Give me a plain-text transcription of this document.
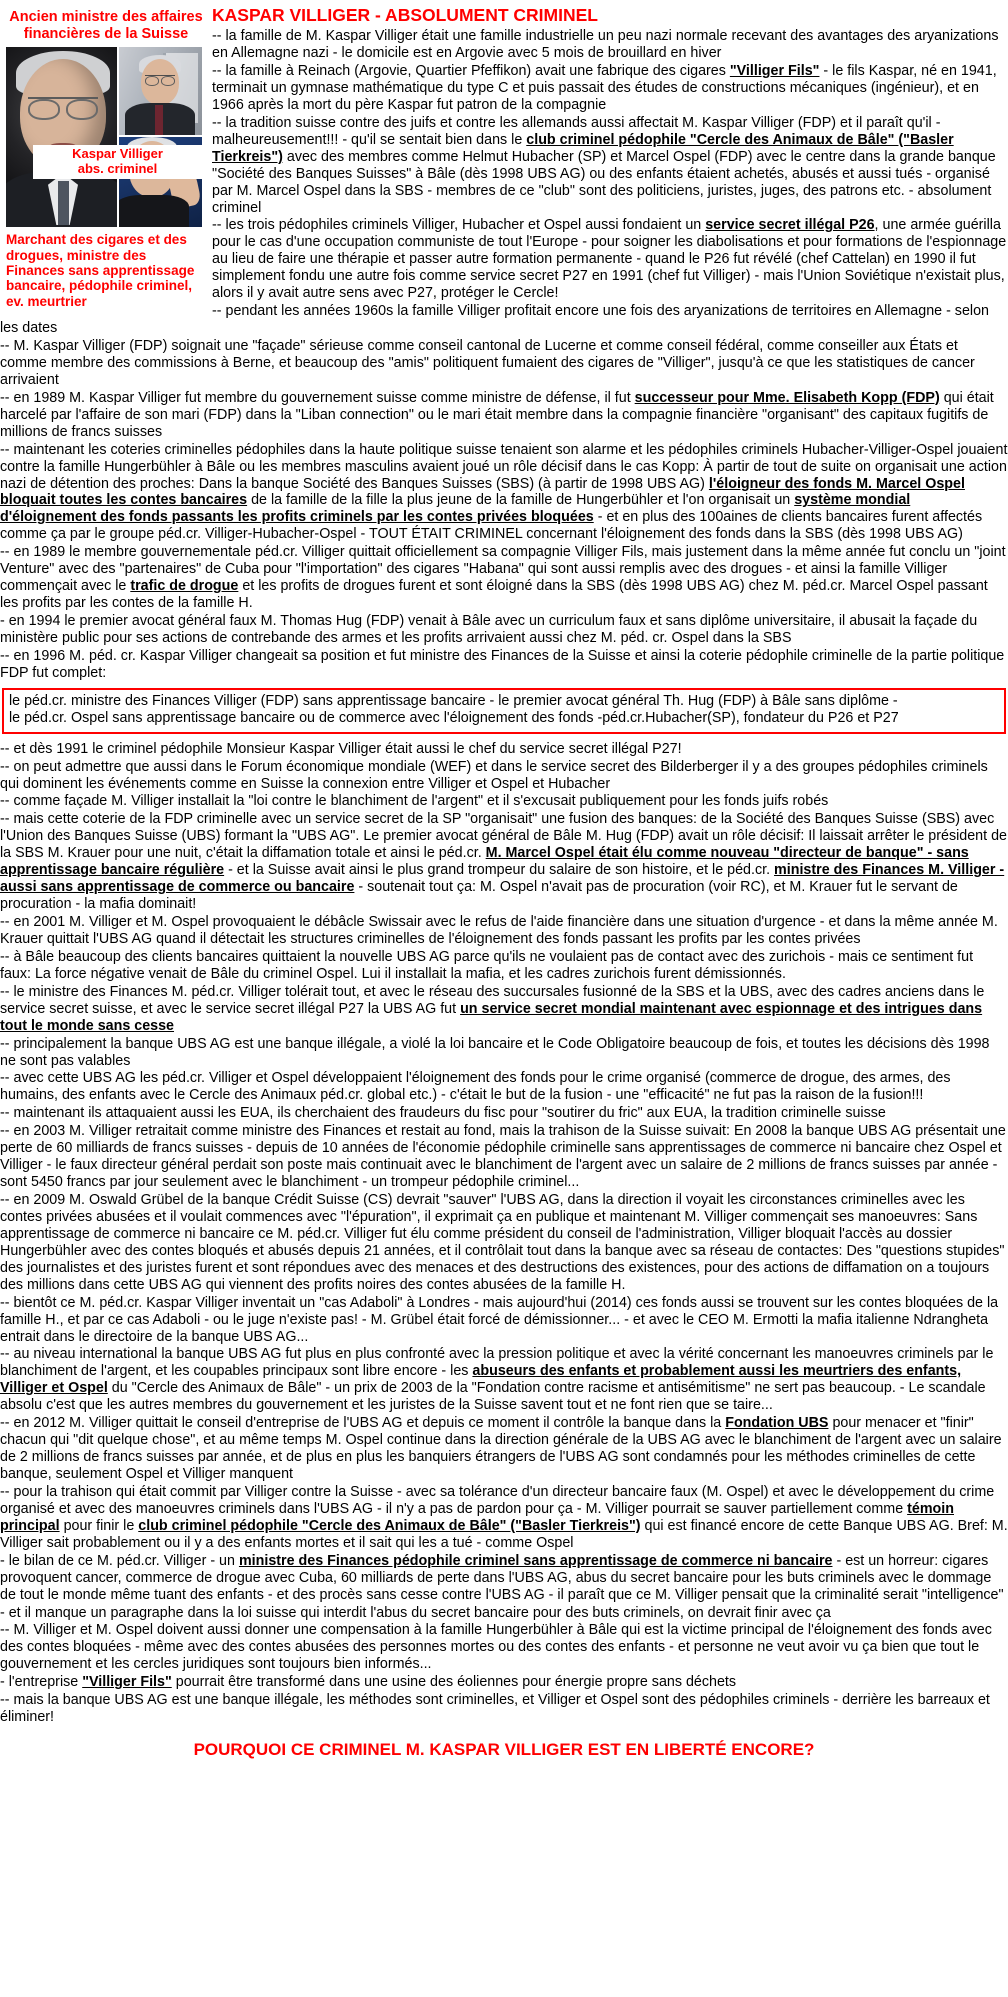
Ancien ministre des affaires financières de la Suisse
Kaspar Villiger
abs. criminel
Marchant des cigares et des drogues, ministre des Finances sans apprentissage bancaire, pédophile criminel, ev. meurtrier
KASPAR VILLIGER - ABSOLUMENT CRIMINEL

-- la famille de M. Kaspar Villiger était une famille industrielle un peu nazi normale recevant des avantages des aryanizations en Allemagne nazi - le domicile est en Argovie avec 5 mois de brouillard en hiver

-- la famille à Reinach (Argovie, Quartier Pfeffikon) avait une fabrique des cigares "Villiger Fils" - le fils Kaspar, né en 1941, terminait un gymnase mathématique du type C et puis passait des études de constructions mécaniques (ingénieur), et en 1966 après la mort du père Kaspar fut patron de la compagnie

-- la tradition suisse contre des juifs et contre les allemands aussi affectait M. Kaspar Villiger (FDP) et il paraît qu'il - malheureusement!!! - qu'il se sentait bien dans le club criminel pédophile "Cercle des Animaux de Bâle" ("Basler Tierkreis") avec des membres comme Helmut Hubacher (SP) et Marcel Ospel (FDP) avec le centre dans la grande banque "Société des Banques Suisses" à Bâle (dès 1998 UBS AG) ou des enfants étaient achetés, abusés et aussi tués - organisé par M. Marcel Ospel dans la SBS - membres de ce "club" sont des politiciens, juristes, juges, des patrons etc. - absolument criminel

-- les trois pédophiles criminels Villiger, Hubacher et Ospel aussi fondaient un service secret illégal P26, une armée guérilla pour le cas d'une occupation communiste de tout l'Europe - pour soigner les diabolisations et pour formations de l'espionnage au lieu de faire une thérapie et passer autre formation permanente - quand le P26 fut révélé (chef Cattelan) en 1990 il fut simplement fondu une autre fois comme service secret P27 en 1991 (chef fut Villiger) - mais l'Union Soviétique n'existait plus, alors il y avait autre sens avec P27, protéger le Cercle!

-- pendant les années 1960s la famille Villiger profitait encore une fois des aryanizations de territoires en Allemagne - selon les dates

-- M. Kaspar Villiger (FDP) soignait une "façade" sérieuse comme conseil cantonal de Lucerne et comme conseil fédéral, comme conseiller aux États et comme membre des commissions à Berne, et beaucoup des "amis" politiquent fumaient des cigares de "Villiger", jusqu'à ce que les statistiques de cancer arrivaient

-- en 1989 M. Kaspar Villiger fut membre du gouvernement suisse comme ministre de défense, il fut successeur pour Mme. Elisabeth Kopp (FDP) qui était harcelé par l'affaire de son mari (FDP) dans la "Liban connection" ou le mari était membre dans la compagnie financière "organisant" des capitaux fugitifs de millions de francs suisses

-- maintenant les coteries criminelles pédophiles dans la haute politique suisse tenaient son alarme et les pédophiles criminels Hubacher-Villiger-Ospel jouaient contre la famille Hungerbühler à Bâle ou les membres masculins avaient joué un rôle décisif dans le cas Kopp: À partir de tout de suite on organisait une action nazi de détention des proches: Dans la banque Société des Banques Suisses (SBS) (à partir de 1998 UBS AG) l'éloigneur des fonds M. Marcel Ospel bloquait toutes les contes bancaires de la famille de la fille la plus jeune de la famille de Hungerbühler et l'on organisait un système mondial d'éloignement des fonds passants les profits criminels par les contes privées bloquées - et en plus des 100aines de clients bancaires furent affectés comme ça par le groupe péd.cr. Villiger-Hubacher-Ospel - TOUT ÉTAIT CRIMINEL concernant l'éloignement des fonds dans la SBS (dès 1998 UBS AG)

-- en 1989 le membre gouvernementale péd.cr. Villiger quittait officiellement sa compagnie Villiger Fils, mais justement dans la même année fut conclu un "joint Venture" avec des "partenaires" de Cuba pour "l'importation" des cigares "Habana" qui sont aussi remplis avec des drogues - et ainsi la famille Villiger commençait avec le trafic de drogue et les profits de drogues furent et sont éloigné dans la SBS (dès 1998 UBS AG) chez M. péd.cr. Marcel Ospel passant les profits par les contes de la famille H.

- en 1994 le premier avocat général faux M. Thomas Hug (FDP) venait à Bâle avec un curriculum faux et sans diplôme universitaire, il abusait la façade du ministère public pour ses actions de contrebande des armes et les profits arrivaient aussi chez M. péd. cr. Ospel dans la SBS

-- en 1996 M. péd. cr. Kaspar Villiger changeait sa position et fut ministre des Finances de la Suisse et ainsi la coterie pédophile criminelle de la partie politique FDP fut complet:

le péd.cr. ministre des Finances Villiger (FDP) sans apprentissage bancaire - le premier avocat général Th. Hug (FDP) à Bâle sans diplôme -

le péd.cr. Ospel sans apprentissage bancaire ou de commerce avec l'éloignement des fonds -péd.cr.Hubacher(SP), fondateur du P26 et P27

-- et dès 1991 le criminel pédophile Monsieur Kaspar Villiger était aussi le chef du service secret illégal P27!

-- on peut admettre que aussi dans le Forum économique mondiale (WEF) et dans le service secret des Bilderberger il y a des groupes pédophiles criminels qui dominent les événements comme en Suisse la connexion entre Villiger et Ospel et Hubacher

-- comme façade M. Villiger installait la "loi contre le blanchiment de l'argent" et il s'excusait publiquement pour les fonds juifs robés

-- mais cette coterie de la FDP criminelle avec un service secret de la SP "organisait" une fusion des banques: de la Société des Banques Suisse (SBS) avec l'Union des Banques Suisse (UBS) formant la "UBS AG". Le premier avocat général de Bâle M. Hug (FDP) avait un rôle décisif: Il laissait arrêter le président de la SBS M. Krauer pour une nuit, c'était la diffamation totale et ainsi le péd.cr. M. Marcel Ospel était élu comme nouveau "directeur de banque" - sans apprentissage bancaire régulière - et la Suisse avait ainsi le plus grand trompeur du salaire de son histoire, et le péd.cr. ministre des Finances M. Villiger - aussi sans apprentissage de commerce ou bancaire - soutenait tout ça: M. Ospel n'avait pas de procuration (voir RC), et M. Krauer fut le servant de procuration - la mafia dominait!

-- en 2001 M. Villiger et M. Ospel provoquaient le débâcle Swissair avec le refus de l'aide financière dans une situation d'urgence - et dans la même année M. Krauer quittait l'UBS AG quand il détectait les structures criminelles de l'éloignement des fonds passant les profits par les contes privées

-- à Bâle beaucoup des clients bancaires quittaient la nouvelle UBS AG parce qu'ils ne voulaient pas de contact avec des zurichois - mais ce sentiment fut faux: La force négative venait de Bâle du criminel Ospel. Lui il installait la mafia, et les cadres zurichois furent démissionnés.

-- le ministre des Finances M. péd.cr. Villiger tolérait tout, et avec le réseau des succursales fusionné de la SBS et la UBS, avec des cadres anciens dans le service secret suisse, et avec le service secret illégal P27 la UBS AG fut un service secret mondial maintenant avec espionnage et des intrigues dans tout le monde sans cesse

-- principalement la banque UBS AG est une banque illégale, a violé la loi bancaire et le Code Obligatoire beaucoup de fois, et toutes les décisions dès 1998 ne sont pas valables

-- avec cette UBS AG les péd.cr. Villiger et Ospel développaient l'éloignement des fonds pour le crime organisé (commerce de drogue, des armes, des humains, des enfants avec le Cercle des Animaux péd.cr. global etc.) - c'était le but de la fusion - une "efficacité" ne fut pas la raison de la fusion!!!

-- maintenant ils attaquaient aussi les EUA, ils cherchaient des fraudeurs du fisc pour "soutirer du fric" aux EUA, la tradition criminelle suisse

-- en 2003 M. Villiger retraitait comme ministre des Finances et restait au fond, mais la trahison de la Suisse suivait: En 2008 la banque UBS AG présentait une perte de 60 milliards de francs suisses - depuis de 10 années de l'économie pédophile criminelle sans apprentissages de commerce ni bancaire chez Ospel et Villiger - le faux directeur général perdait son poste mais continuait avec le blanchiment de l'argent avec un salaire de 2 millions de francs suisses par année - sont 5450 francs par jour seulement avec le blanchiment - un trompeur pédophile criminel...

-- en 2009 M. Oswald Grübel de la banque Crédit Suisse (CS) devrait "sauver" l'UBS AG, dans la direction il voyait les circonstances criminelles avec les contes privées abusées et il voulait commences avec "l'épuration", il exprimait ça en publique et maintenant M. Villiger commençait ses manoeuvres: Sans apprentissage de commerce ni bancaire ce M. péd.cr. Villiger fut élu comme président du conseil de l'administration, Villiger bloquait l'accès au dossier Hungerbühler avec des contes bloqués et abusés depuis 21 années, et il contrôlait tout dans la banque avec sa réseau de contactes: Des "questions stupides" des journalistes et des juristes furent et sont répondues avec des menaces et des destructions des existences, pour des actions de diffamation on a toujours des millions dans cette UBS AG qui viennent des profits noires des contes abusées de la famille H.

-- bientôt ce M. péd.cr. Kaspar Villiger inventait un "cas Adaboli" à Londres - mais aujourd'hui (2014) ces fonds aussi se trouvent sur les contes bloquées de la famille H., et par ce cas Adaboli - ou le juge n'existe pas! - M. Grübel était forcé de démissionner... - et avec le CEO M. Ermotti la mafia italienne Ndrangheta entrait dans le directoire de la banque UBS AG...

-- au niveau international la banque UBS AG fut plus en plus confronté avec la pression politique et avec la vérité concernant les manoeuvres criminels par le blanchiment de l'argent, et les coupables principaux sont libre encore - les abuseurs des enfants et probablement aussi les meurtriers des enfants, Villiger et Ospel du "Cercle des Animaux de Bâle" - un prix de 2003 de la "Fondation contre racisme et antisémitisme" ne sert pas beaucoup. - Le scandale absolu c'est que les autres membres du gouvernement et les juristes de la Suisse savent tout et ne font rien que se taire...

-- en 2012 M. Villiger quittait le conseil d'entreprise de l'UBS AG et depuis ce moment il contrôle la banque dans la Fondation UBS pour menacer et "finir" chacun qui "dit quelque chose", et au même temps M. Ospel continue dans la direction générale de la UBS AG avec le blanchiment de l'argent avec un salaire de 2 millions de francs suisses par année, et de plus en plus les banquiers étrangers de l'UBS AG sont condamnés pour les méthodes criminelles de cette banque, seulement Ospel et Villiger manquent

-- pour la trahison qui était commit par Villiger contre la Suisse - avec sa tolérance d'un directeur bancaire faux (M. Ospel) et avec le développement du crime organisé et avec des manoeuvres criminels dans l'UBS AG - il n'y a pas de pardon pour ça - M. Villiger pourrait se sauver partiellement comme témoin principal pour finir le club criminel pédophile "Cercle des Animaux de Bâle" ("Basler Tierkreis") qui est financé encore de cette Banque UBS AG. Bref: M. Villiger sait probablement ou il y a des enfants mortes et il sait qui les a tué - comme Ospel

- le bilan de ce M. péd.cr. Villiger - un ministre des Finances pédophile criminel sans apprentissage de commerce ni bancaire - est un horreur: cigares provoquent cancer, commerce de drogue avec Cuba, 60 milliards de perte dans l'UBS AG, abus du secret bancaire pour les buts criminels avec le dommage de tout le monde même tuant des enfants - et des procès sans cesse contre l'UBS AG - il paraît que ce M. Villiger pensait que la criminalité serait "intelligence"

- et il manque un paragraphe dans la loi suisse qui interdit l'abus du secret bancaire pour des buts criminels, on devrait finir avec ça

-- M. Villiger et M. Ospel doivent aussi donner une compensation à la famille Hungerbühler à Bâle qui est la victime principal de l'éloignement des fonds avec des contes bloquées - même avec des contes abusées des personnes mortes ou des contes des enfants - et personne ne veut avoir vu ça bien que tout le gouvernement et les cercles juridiques sont toujours bien informés...

- l'entreprise "Villiger Fils" pourrait être transformé dans une usine des éoliennes pour énergie propre sans déchets

-- mais la banque UBS AG est une banque illégale, les méthodes sont criminelles, et Villiger et Ospel sont des pédophiles criminels - derrière les barreaux et éliminer!

POURQUOI CE CRIMINEL M. KASPAR VILLIGER EST EN LIBERTÉ ENCORE?
